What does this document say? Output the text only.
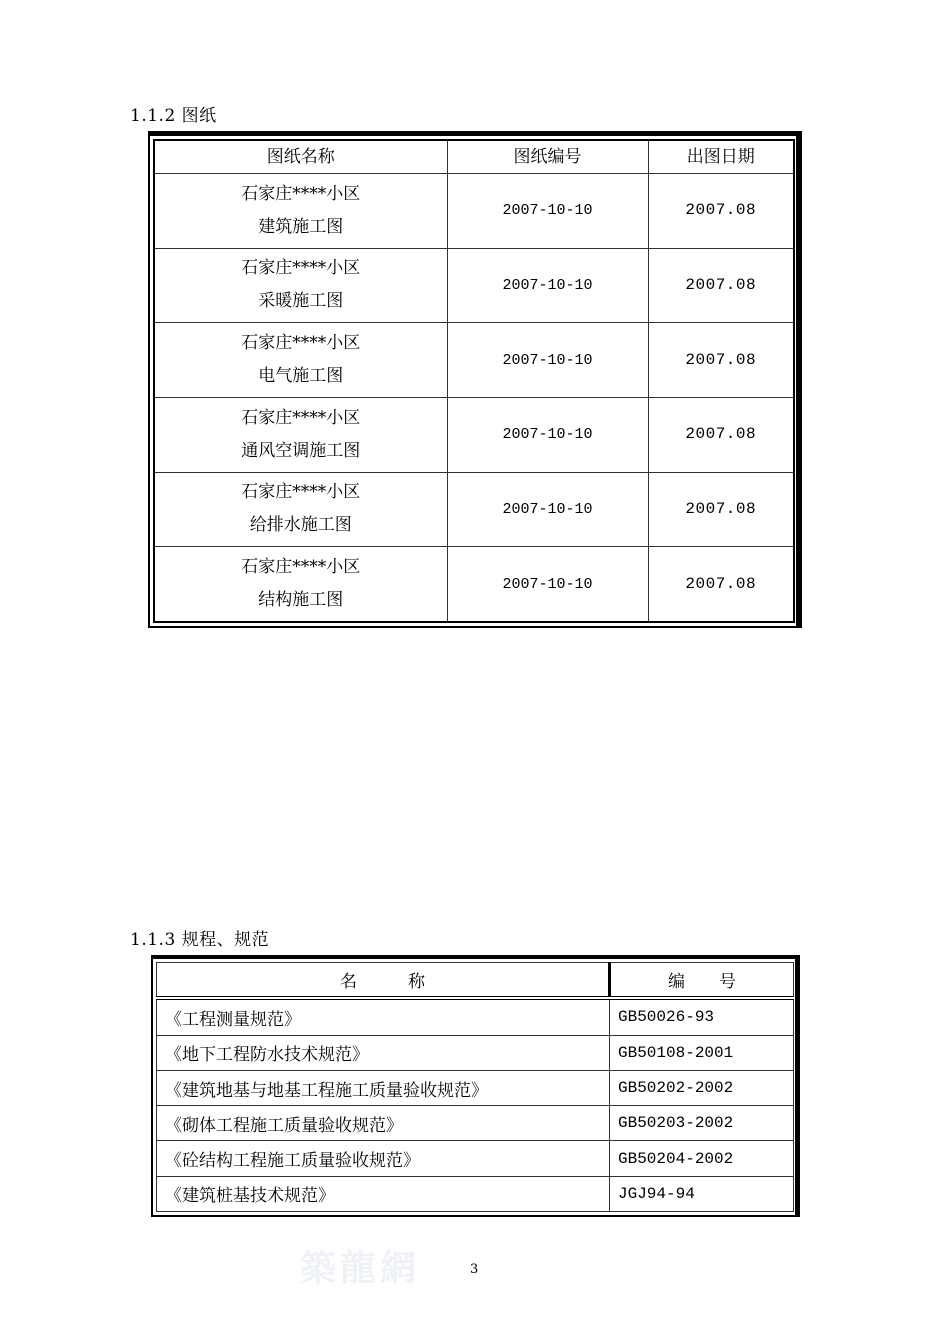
1.1.2 图纸
图纸名称	图纸编号	出图日期

石家庄****小区
建筑施工图	2007-10-10	2007.08

石家庄****小区
采暖施工图	2007-10-10	2007.08

石家庄****小区
电气施工图	2007-10-10	2007.08

石家庄****小区
通风空调施工图	2007-10-10	2007.08

石家庄****小区
给排水施工图	2007-10-10	2007.08

石家庄****小区
结构施工图	2007-10-10	2007.08
1.1.3 规程、规范
名　　　称	编　　号
《工程测量规范》	GB50026-93
《地下工程防水技术规范》	GB50108-2001
《建筑地基与地基工程施工质量验收规范》	GB50202-2002
《砌体工程施工质量验收规范》	GB50203-2002
《砼结构工程施工质量验收规范》	GB50204-2002
《建筑桩基技术规范》	JGJ94-94
築龍網	3
